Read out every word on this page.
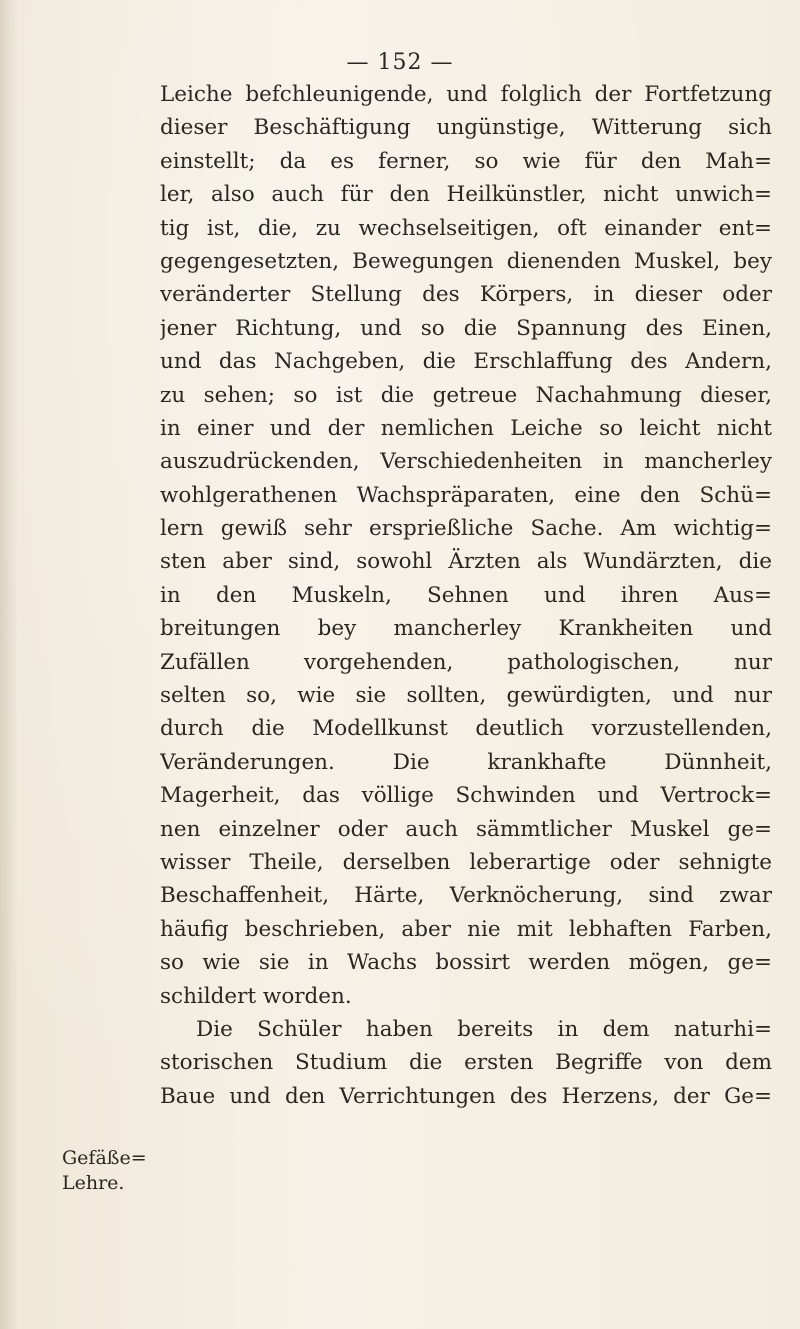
— 152 —
Leiche befchleunigende, und folglich der Fortfetzung
dieser Beschäftigung ungünstige, Witterung sich
einstellt; da es ferner, so wie für den Mah=
ler, also auch für den Heilkünstler, nicht unwich=
tig ist, die, zu wechselseitigen, oft einander ent=
gegengesetzten, Bewegungen dienenden Muskel, bey
veränderter Stellung des Körpers, in dieser oder
jener Richtung, und so die Spannung des Einen,
und das Nachgeben, die Erschlaffung des Andern,
zu sehen; so ist die getreue Nachahmung dieser,
in einer und der nemlichen Leiche so leicht nicht
auszudrückenden, Verschiedenheiten in mancherley
wohlgerathenen Wachspräparaten, eine den Schü=
lern gewiß sehr ersprießliche Sache. Am wichtig=
sten aber sind, sowohl Ärzten als Wundärzten, die
in den Muskeln, Sehnen und ihren Aus=
breitungen bey mancherley Krankheiten und
Zufällen vorgehenden, pathologischen, nur
selten so, wie sie sollten, gewürdigten, und nur
durch die Modellkunst deutlich vorzustellenden,
Veränderungen. Die krankhafte Dünnheit,
Magerheit, das völlige Schwinden und Vertrock=
nen einzelner oder auch sämmtlicher Muskel ge=
wisser Theile, derselben leberartige oder sehnigte
Beschaffenheit, Härte, Verknöcherung, sind zwar
häufig beschrieben, aber nie mit lebhaften Farben,
so wie sie in Wachs bossirt werden mögen, ge=
schildert worden.
Die Schüler haben bereits in dem naturhi=
storischen Studium die ersten Begriffe von dem
Baue und den Verrichtungen des Herzens, der Ge=
Gefäße=
Lehre.
